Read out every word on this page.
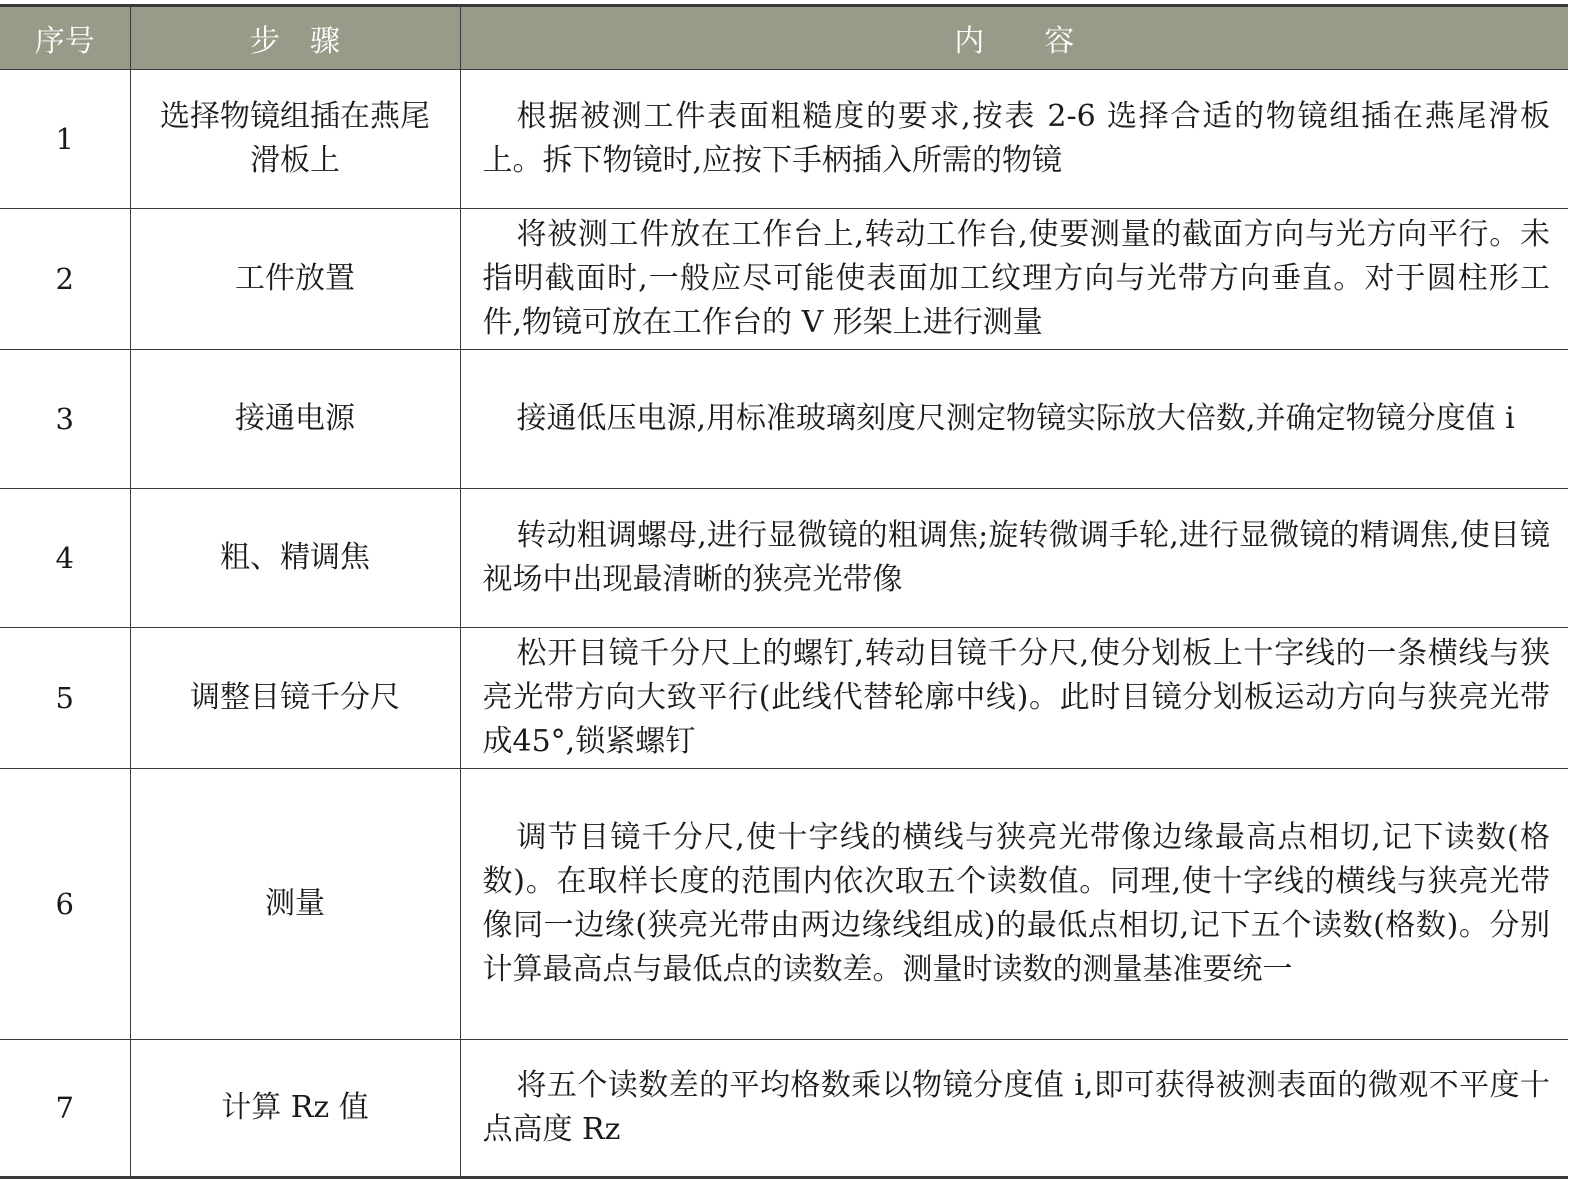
序号	步　骤	内　　容
1	选择物镜组插在燕尾滑板上	根据被测工件表面粗糙度的要求,按表 2-6 选择合适的物镜组插在燕尾滑板上。拆下物镜时,应按下手柄插入所需的物镜

2	工件放置	将被测工件放在工作台上,转动工作台,使要测量的截面方向与光方向平行。未指明截面时,一般应尽可能使表面加工纹理方向与光带方向垂直。对于圆柱形工件,物镜可放在工作台的 V 形架上进行测量

3	接通电源	接通低压电源,用标准玻璃刻度尺测定物镜实际放大倍数,并确定物镜分度值 i

4	粗、精调焦	转动粗调螺母,进行显微镜的粗调焦;旋转微调手轮,进行显微镜的精调焦,使目镜视场中出现最清晰的狭亮光带像

5	调整目镜千分尺	松开目镜千分尺上的螺钉,转动目镜千分尺,使分划板上十字线的一条横线与狭亮光带方向大致平行(此线代替轮廓中线)。此时目镜分划板运动方向与狭亮光带成45°,锁紧螺钉

6	测量	调节目镜千分尺,使十字线的横线与狭亮光带像边缘最高点相切,记下读数(格数)。在取样长度的范围内依次取五个读数值。同理,使十字线的横线与狭亮光带像同一边缘(狭亮光带由两边缘线组成)的最低点相切,记下五个读数(格数)。分别计算最高点与最低点的读数差。测量时读数的测量基准要统一

7	计算 Rz 值	将五个读数差的平均格数乘以物镜分度值 i,即可获得被测表面的微观不平度十点高度 Rz
